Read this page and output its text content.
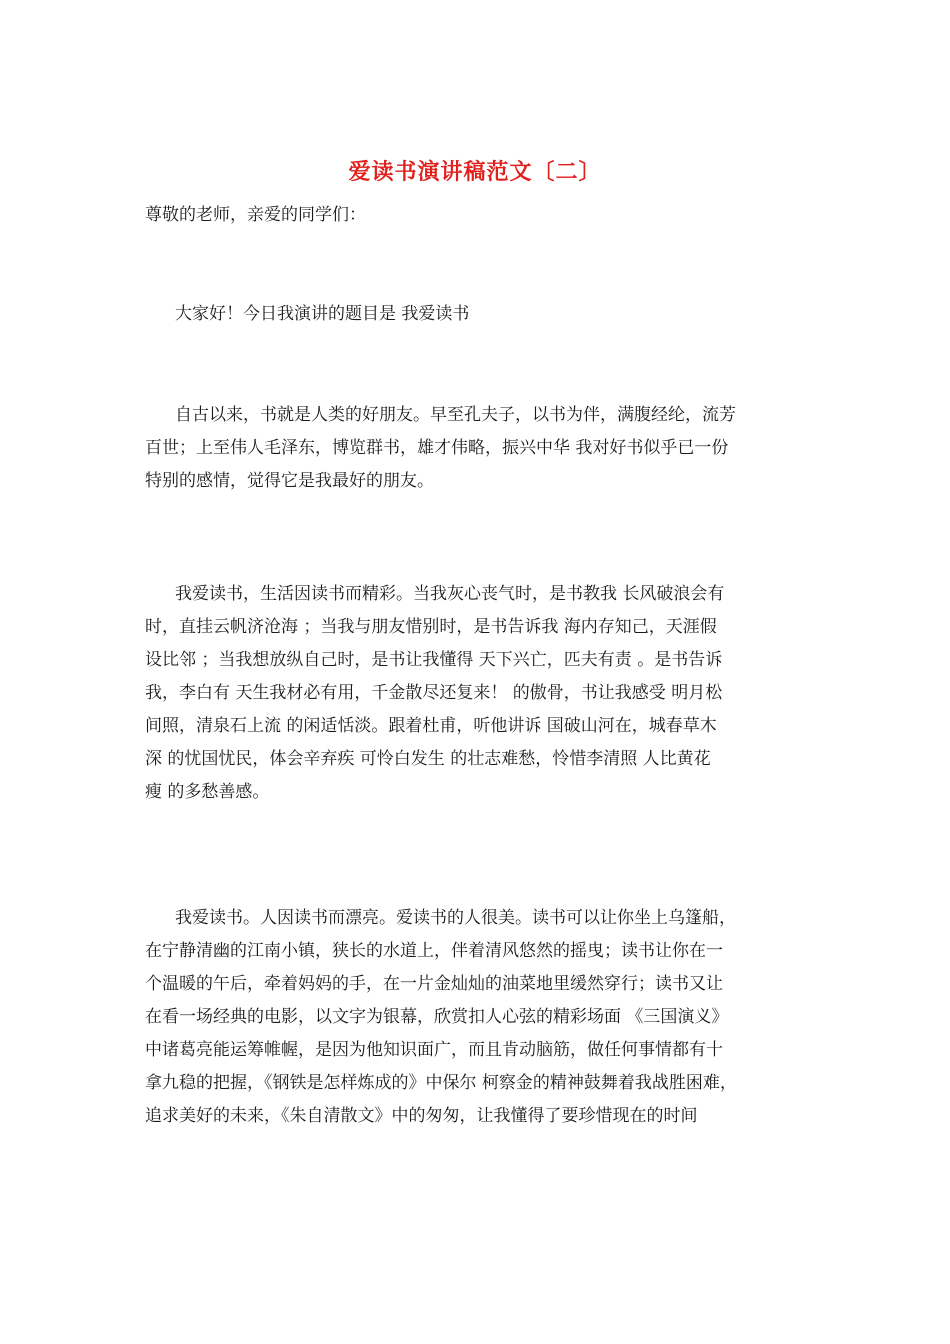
爱读书演讲稿范文〔二〕
尊敬的老师，亲爱的同学们：
大家好！今日我演讲的题目是 我爱读书
自古以来，书就是人类的好朋友。早至孔夫子，以书为伴，满腹经纶，流芳
百世；上至伟人毛泽东，博览群书，雄才伟略，振兴中华 我对好书似乎已一份
特别的感情，觉得它是我最好的朋友。
我爱读书，生活因读书而精彩。当我灰心丧气时，是书教我 长风破浪会有
时，直挂云帆济沧海 ；当我与朋友惜别时，是书告诉我 海内存知己，天涯假
设比邻 ；当我想放纵自己时，是书让我懂得 天下兴亡，匹夫有责 。是书告诉
我，李白有 天生我材必有用，千金散尽还复来！ 的傲骨，书让我感受 明月松
间照，清泉石上流 的闲适恬淡。跟着杜甫，听他讲诉 国破山河在，城春草木
深 的忧国忧民，体会辛弃疾 可怜白发生 的壮志难愁，怜惜李清照 人比黄花
瘦 的多愁善感。
我爱读书。人因读书而漂亮。爱读书的人很美。读书可以让你坐上乌篷船，
在宁静清幽的江南小镇，狭长的水道上，伴着清风悠然的摇曳；读书让你在一
个温暖的午后，牵着妈妈的手，在一片金灿灿的油菜地里缓然穿行；读书又让
在看一场经典的电影，以文字为银幕，欣赏扣人心弦的精彩场面 《三国演义》
中诸葛亮能运筹帷幄，是因为他知识面广，而且肯动脑筋，做任何事情都有十
拿九稳的把握，《钢铁是怎样炼成的》中保尔 柯察金的精神鼓舞着我战胜困难，
追求美好的未来，《朱自清散文》中的匆匆，让我懂得了要珍惜现在的时间
